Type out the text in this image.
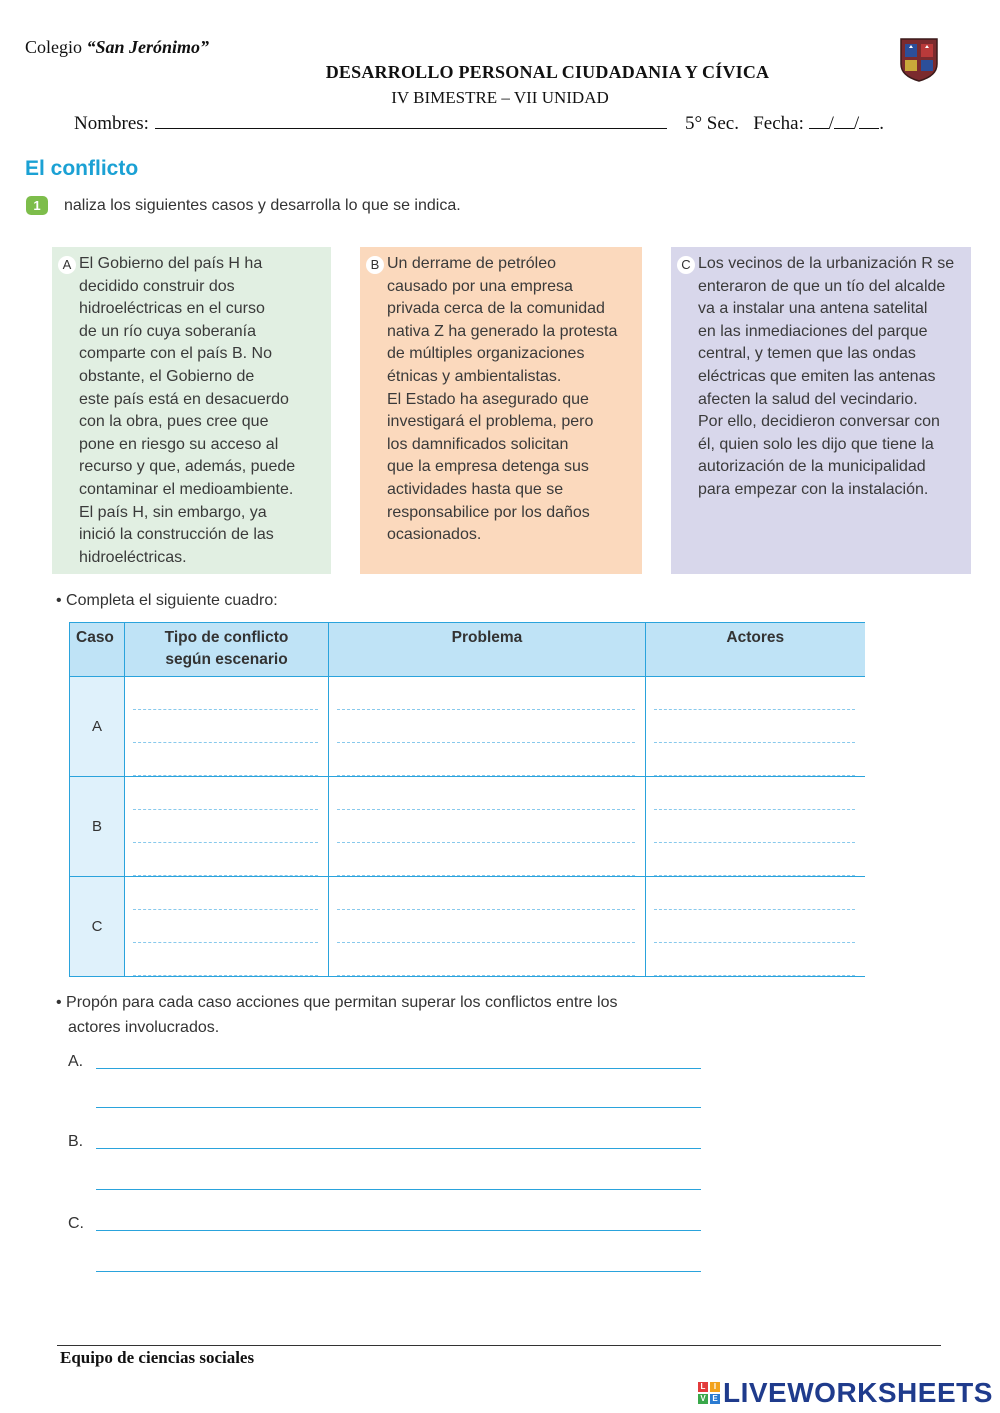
Colegio “San Jerónimo”
DESARROLLO PERSONAL CIUDADANIA Y CÍVICA
IV BIMESTRE – VII UNIDAD
Nombres:	5° Sec. Fecha: / / .
El conflicto
1	naliza los siguientes casos y desarrolla lo que se indica.
A El Gobierno del país H ha

decidido construir dos

hidroeléctricas en el curso

de un río cuya soberanía

comparte con el país B. No

obstante, el Gobierno de

este país está en desacuerdo

con la obra, pues cree que

pone en riesgo su acceso al

recurso y que, además, puede

contaminar el medioambiente.

El país H, sin embargo, ya

inició la construcción de las

hidroeléctricas.

B Un derrame de petróleo

causado por una empresa

privada cerca de la comunidad

nativa Z ha generado la protesta

de múltiples organizaciones

étnicas y ambientalistas.

El Estado ha asegurado que

investigará el problema, pero

los damnificados solicitan

que la empresa detenga sus

actividades hasta que se

responsabilice por los daños

ocasionados.

C Los vecinos de la urbanización R se

enteraron de que un tío del alcalde

va a instalar una antena satelital

en las inmediaciones del parque

central, y temen que las ondas

eléctricas que emiten las antenas

afecten la salud del vecindario.

Por ello, decidieron conversar con

él, quien solo les dijo que tiene la

autorización de la municipalidad

para empezar con la instalación.

• Completa el siguiente cuadro:
Caso	Tipo de conflicto
según escenario	Problema	Actores
A	

B	

C	

• Propón para cada caso acciones que permitan superar los conflictos entre los
actores involucrados.
A.
B.
C.
Equipo de ciencias sociales
L	I
V E LIVEWORKSHEETS
